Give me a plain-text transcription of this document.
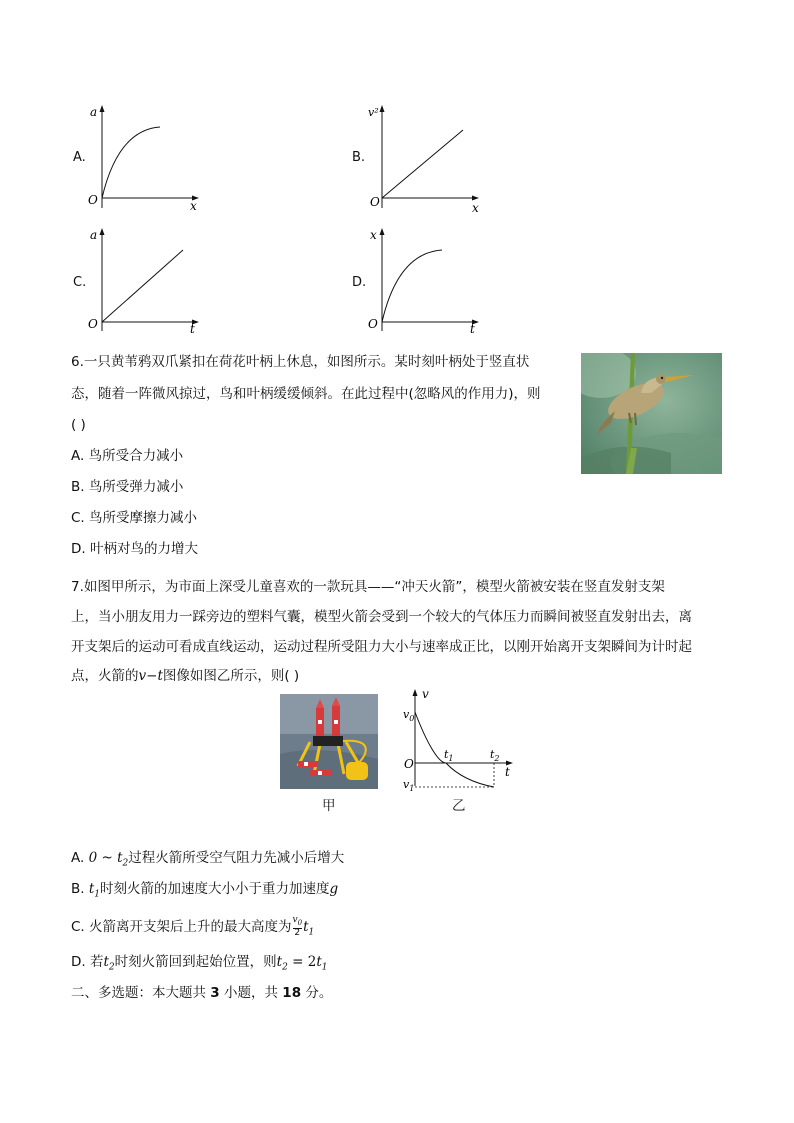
A.
a
O	x
B.
v²
O	x
C.
a
O	t
D.
x
O	t
6.一只黄苇鸦双爪紧扣在荷花叶柄上休息，如图所示。某时刻叶柄处于竖直状
态，随着一阵微风掠过，鸟和叶柄缓缓倾斜。在此过程中(忽略风的作用力)，则
( )
A. 鸟所受合力减小
B. 鸟所受弹力减小
C. 鸟所受摩擦力减小
D. 叶柄对鸟的力增大
7.如图甲所示，为市面上深受儿童喜欢的一款玩具——“冲天火箭”，模型火箭被安装在竖直发射支架
上，当小朋友用力一踩旁边的塑料气囊，模型火箭会受到一个较大的气体压力而瞬间被竖直发射出去，离
开支架后的运动可看成直线运动，运动过程所受阻力大小与速率成正比，以刚开始离开支架瞬间为计时起
点，火箭的v−t图像如图乙所示，则( )
甲
v
t
O
$v_0$
$v_1$
$t_1$	$t_2$
乙
A. 0 ~ $t_2$过程火箭所受空气阻力先减小后增大
B. $t_1$时刻火箭的加速度大小小于重力加速度g
C. 火箭离开支架后上升的最大高度为 $\frac{v_0}{2} t_1$
D. 若$t_2$时刻火箭回到起始位置，则$t_2 = 2t_1$
二、多选题：本大题共 3 小题，共 18 分。
